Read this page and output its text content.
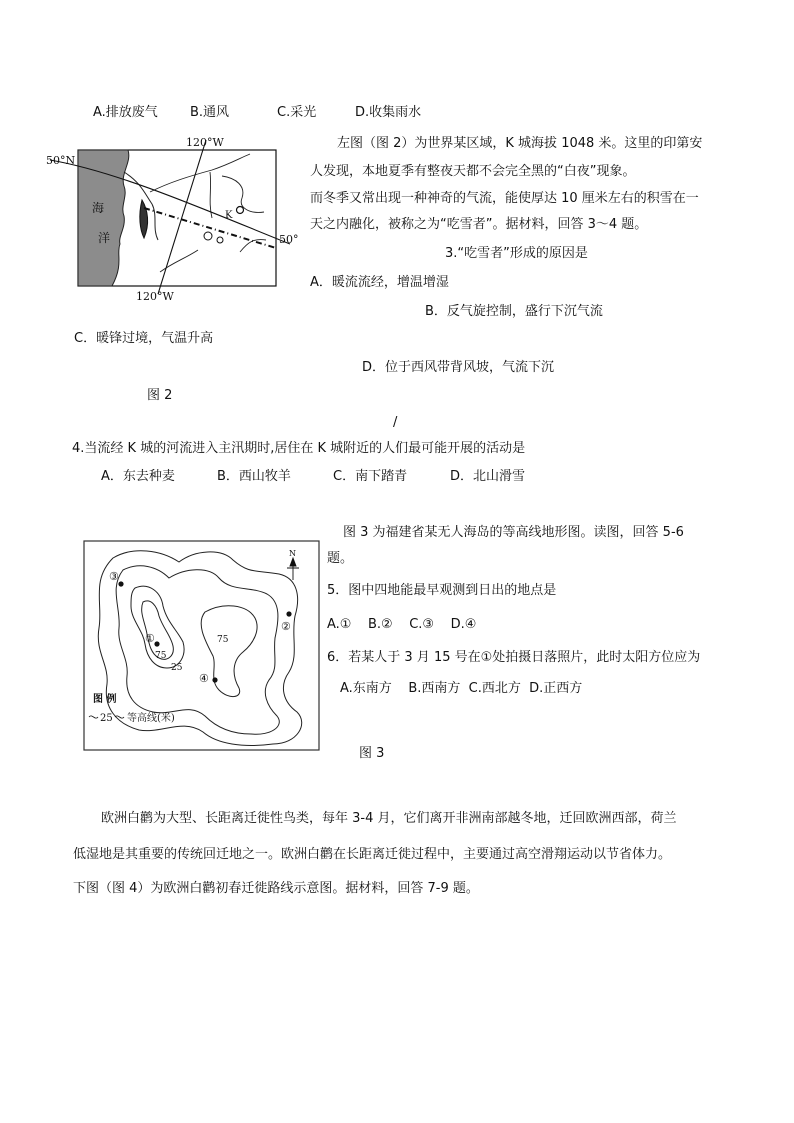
A.排放废气 B.通风	C.采光	D.收集雨水
海
洋
K
50°N
120°W
120°W
50°
左图（图 2）为世界某区域，K 城海拔 1048 米。这里的印第安
人发现，本地夏季有整夜天都不会完全黑的“白夜”现象。
而冬季又常出现一种神奇的气流，能使厚达 10 厘米左右的积雪在一
天之内融化，被称之为“吃雪者”。据材料，回答 3～4 题。
3.“吃雪者”形成的原因是
A．暖流流经，增温增湿
B．反气旋控制，盛行下沉气流
C．暖锋过境，气温升高
D．位于西风带背风坡，气流下沉
图 2
/
4.当流经 K 城的河流进入主汛期时,居住在 K 城附近的人们最可能开展的活动是
A．东去种麦	B．西山牧羊	C．南下踏青	D．北山滑雪
③
①
②
④
75
75
25
N
图 例
25 等高线(米)
图 3 为福建省某无人海岛的等高线地形图。读图，回答 5-6
题。
5．图中四地能最早观测到日出的地点是
A.①    B.②    C.③    D.④
6．若某人于 3 月 15 号在①处拍摄日落照片，此时太阳方位应为
A.东南方    B.西南方  C.西北方  D.正西方
图 3
欧洲白鹳为大型、长距离迁徙性鸟类，每年 3-4 月，它们离开非洲南部越冬地，迁回欧洲西部，荷兰
低湿地是其重要的传统回迁地之一。欧洲白鹳在长距离迁徙过程中，主要通过高空滑翔运动以节省体力。
下图（图 4）为欧洲白鹳初春迁徙路线示意图。据材料，回答 7-9 题。
